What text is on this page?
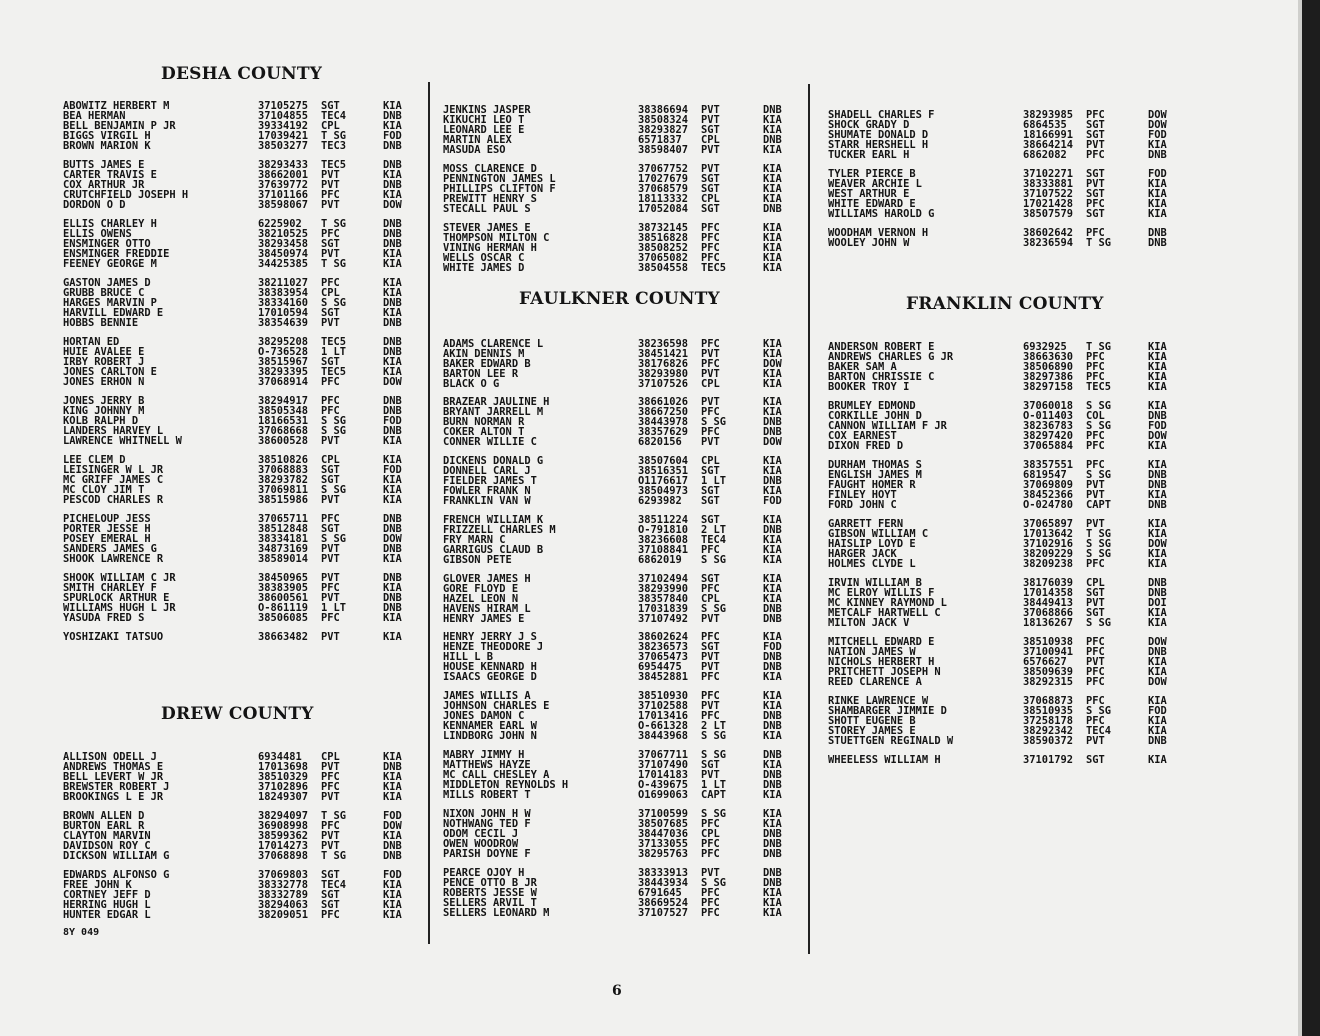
DESHA COUNTY
ABOWITZ HERBERT M	37105275 SGT	KIA
BEA HERMAN	37104855 TEC4	DNB
BELL BENJAMIN P JR	39334192 CPL	KIA
BIGGS VIRGIL H	17039421 T SG	FOD
BROWN MARION K	38503277 TEC3	DNB
BUTTS JAMES E	38293433 TEC5	DNB
CARTER TRAVIS E	38662001 PVT	KIA
COX ARTHUR JR	37639772 PVT	DNB
CRUTCHFIELD JOSEPH H	37101166 PFC	KIA
DORDON O D	38598067 PVT	DOW
ELLIS CHARLEY H	6225902 T SG	DNB
ELLIS OWENS	38210525 PFC	DNB
ENSMINGER OTTO	38293458 SGT	DNB
ENSMINGER FREDDIE	38450974 PVT	KIA
FEENEY GEORGE M	34425385 T SG	KIA
GASTON JAMES D	38211027 PFC	KIA
GRUBB BRUCE C	38383954 CPL	KIA
HARGES MARVIN P	38334160 S SG	DNB
HARVILL EDWARD E	17010594 SGT	KIA
HOBBS BENNIE	38354639 PVT	DNB
HORTAN ED	38295208 TEC5	DNB
HUIE AVALEE E	O-736528 1 LT	DNB
IRBY ROBERT J	38515967 SGT	KIA
JONES CARLTON E	38293395 TEC5	KIA
JONES ERHON N	37068914 PFC	DOW
JONES JERRY B	38294917 PFC	DNB
KING JOHNNY M	38505348 PFC	DNB
KOLB RALPH D	18166531 S SG	FOD
LANDERS HARVEY L	37068668 S SG	DNB
LAWRENCE WHITNELL W	38600528 PVT	KIA
LEE CLEM D	38510826 CPL	KIA
LEISINGER W L JR	37068883 SGT	FOD
MC GRIFF JAMES C	38293782 SGT	KIA
MC CLOY JIM T	37069811 S SG	KIA
PESCOD CHARLES R	38515986 PVT	KIA
PICHELOUP JESS	37065711 PFC	DNB
PORTER JESSE H	38512848 SGT	DNB
POSEY EMERAL H	38334181 S SG	DOW
SANDERS JAMES G	34873169 PVT	DNB
SHOOK LAWRENCE R	38589014 PVT	KIA
SHOOK WILLIAM C JR	38450965 PVT	DNB
SMITH CHARLEY F	38383905 PFC	KIA
SPURLOCK ARTHUR E	38600561 PVT	DNB
WILLIAMS HUGH L JR	O-861119 1 LT	DNB
YASUDA FRED S	38506085 PFC	KIA
YOSHIZAKI TATSUO	38663482 PVT	KIA
DREW COUNTY
ALLISON ODELL J	6934481 CPL	KIA
ANDREWS THOMAS E	17013698 PVT	DNB
BELL LEVERT W JR	38510329 PFC	KIA
BREWSTER ROBERT J	37102896 PFC	KIA
BROOKINGS L E JR	18249307 PVT	KIA
BROWN ALLEN D	38294097 T SG	FOD
BURTON EARL R	36908998 PFC	DOW
CLAYTON MARVIN	38599362 PVT	KIA
DAVIDSON ROY C	17014273 PVT	DNB
DICKSON WILLIAM G	37068898 T SG	DNB
EDWARDS ALFONSO G	37069803 SGT	FOD
FREE JOHN K	38332778 TEC4	KIA
CORTNEY JEFF D	38332789 SGT	KIA
HERRING HUGH L	38294063 SGT	KIA
HUNTER EDGAR L	38209051 PFC	KIA
JENKINS JASPER	38386694 PVT	DNB
KIKUCHI LEO T	38508324 PVT	KIA
LEONARD LEE E	38293827 SGT	KIA
MARTIN ALEX	6571837 CPL	DNB
MASUDA ESO	38598407 PVT	KIA
MOSS CLARENCE D	37067752 PVT	KIA
PENNINGTON JAMES L	17027679 SGT	KIA
PHILLIPS CLIFTON F	37068579 SGT	KIA
PREWITT HENRY S	18113332 CPL	KIA
STECALL PAUL S	17052084 SGT	DNB
STEVER JAMES E	38732145 PFC	KIA
THOMPSON MILTON C	38516828 PFC	KIA
VINING HERMAN H	38508252 PFC	KIA
WELLS OSCAR C	37065082 PFC	KIA
WHITE JAMES D	38504558 TEC5	KIA
FAULKNER COUNTY
ADAMS CLARENCE L	38236598 PFC	KIA
AKIN DENNIS M	38451421 PVT	KIA
BAKER EDWARD B	38176826 PFC	DOW
BARTON LEE R	38293980 PVT	KIA
BLACK O G	37107526 CPL	KIA
BRAZEAR JAULINE H	38661026 PVT	KIA
BRYANT JARRELL M	38667250 PFC	KIA
BURN NORMAN R	38443978 S SG	DNB
COKER ALTON T	38357629 PFC	DNB
CONNER WILLIE C	6820156 PVT	DOW
DICKENS DONALD G	38507604 CPL	KIA
DONNELL CARL J	38516351 SGT	KIA
FIELDER JAMES T	O1176617 1 LT	DNB
FOWLER FRANK N	38504973 SGT	KIA
FRANKLIN VAN W	6293982 SGT	FOD
FRENCH WILLIAM K	38511224 SGT	KIA
FRIZZELL CHARLES M	O-791810 2 LT	DNB
FRY MARN C	38236608 TEC4	KIA
GARRIGUS CLAUD B	37108841 PFC	KIA
GIBSON PETE	6862019 S SG	KIA
GLOVER JAMES H	37102494 SGT	KIA
GORE FLOYD E	38293990 PFC	KIA
HAZEL LEON N	38357840 CPL	KIA
HAVENS HIRAM L	17031839 S SG	DNB
HENRY JAMES E	37107492 PVT	DNB
HENRY JERRY J S	38602624 PFC	KIA
HENZE THEODORE J	38236573 SGT	FOD
HILL L B	37065473 PVT	DNB
HOUSE KENNARD H	6954475 PVT	DNB
ISAACS GEORGE D	38452881 PFC	KIA
JAMES WILLIS A	38510930 PFC	KIA
JOHNSON CHARLES E	37102588 PVT	KIA
JONES DAMON C	17013416 PFC	DNB
KENNAMER EARL W	O-661328 2 LT	DNB
LINDBORG JOHN N	38443968 S SG	KIA
MABRY JIMMY H	37067711 S SG	DNB
MATTHEWS HAYZE	37107490 SGT	KIA
MC CALL CHESLEY A	17014183 PVT	DNB
MIDDLETON REYNOLDS H	O-439675 1 LT	DNB
MILLS ROBERT T	O1699063 CAPT	KIA
NIXON JOHN H W	37100599 S SG	KIA
NOTHWANG TED F	38507685 PFC	KIA
ODOM CECIL J	38447036 CPL	DNB
OWEN WOODROW	37133055 PFC	DNB
PARISH DOYNE F	38295763 PFC	DNB
PEARCE OJOY H	38333913 PVT	DNB
PENCE OTTO B JR	38443934 S SG	DNB
ROBERTS JESSE W	6791645 PFC	KIA
SELLERS ARVIL T	38669524 PFC	KIA
SELLERS LEONARD M	37107527 PFC	KIA
SHADELL CHARLES F	38293985 PFC	DOW
SHOCK GRADY D	6864535 SGT	DOW
SHUMATE DONALD D	18166991 SGT	FOD
STARR HERSHELL H	38664214 PVT	KIA
TUCKER EARL H	6862082 PFC	DNB
TYLER PIERCE B	37102271 SGT	FOD
WEAVER ARCHIE L	38333881 PVT	KIA
WEST ARTHUR E	37107522 SGT	KIA
WHITE EDWARD E	17021428 PFC	KIA
WILLIAMS HAROLD G	38507579 SGT	KIA
WOODHAM VERNON H	38602642 PFC	DNB
WOOLEY JOHN W	38236594 T SG	DNB
FRANKLIN COUNTY
ANDERSON ROBERT E	6932925 T SG	KIA
ANDREWS CHARLES G JR	38663630 PFC	KIA
BAKER SAM A	38506890 PFC	KIA
BARTON CHRISSIE C	38297386 PFC	KIA
BOOKER TROY I	38297158 TEC5	KIA
BRUMLEY EDMOND	37060018 S SG	KIA
CORKILLE JOHN D	O-011403 COL	DNB
CANNON WILLIAM F JR	38236783 S SG	FOD
COX EARNEST	38297420 PFC	DOW
DIXON FRED D	37065884 PFC	KIA
DURHAM THOMAS S	38357551 PFC	KIA
ENGLISH JAMES M	6819547 S SG	DNB
FAUGHT HOMER R	37069809 PVT	DNB
FINLEY HOYT	38452366 PVT	KIA
FORD JOHN C	O-024780 CAPT	DNB
GARRETT FERN	37065897 PVT	KIA
GIBSON WILLIAM C	17013642 T SG	KIA
HAISLIP LOYD E	37102916 S SG	DOW
HARGER JACK	38209229 S SG	KIA
HOLMES CLYDE L	38209238 PFC	KIA
IRVIN WILLIAM B	38176039 CPL	DNB
MC ELROY WILLIS F	17014358 SGT	DNB
MC KINNEY RAYMOND L	38449413 PVT	DOI
METCALF HARTWELL C	37068866 SGT	KIA
MILTON JACK V	18136267 S SG	KIA
MITCHELL EDWARD E	38510938 PFC	DOW
NATION JAMES W	37100941 PFC	DNB
NICHOLS HERBERT H	6576627 PVT	KIA
PRITCHETT JOSEPH N	38509639 PFC	KIA
REED CLARENCE A	38292315 PFC	DOW
RINKE LAWRENCE W	37068873 PFC	KIA
SHAMBARGER JIMMIE D	38510935 S SG	FOD
SHOTT EUGENE B	37258178 PFC	KIA
STOREY JAMES E	38292342 TEC4	KIA
STUETTGEN REGINALD W	38590372 PVT	DNB
WHEELESS WILLIAM H	37101792 SGT	KIA
8Y 049
6
